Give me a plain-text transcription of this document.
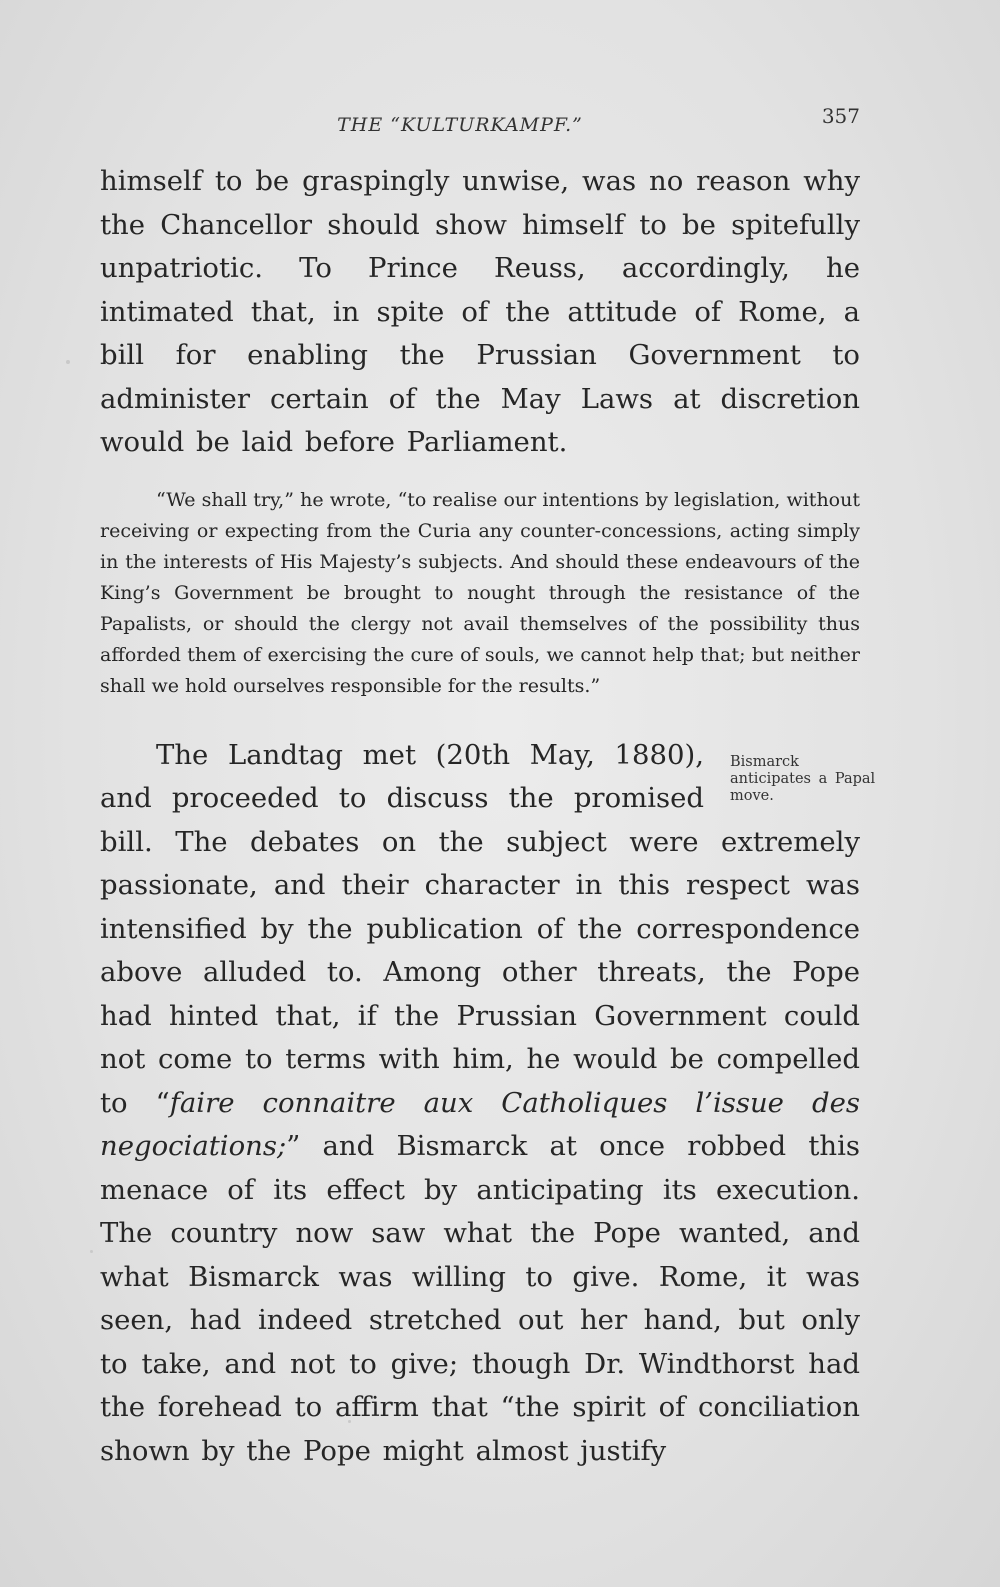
THE “KULTURKAMPF.”	357

himself to be graspingly unwise, was no reason why the Chancellor should show himself to be spitefully unpatriotic. To Prince Reuss, accordingly, he intimated that, in spite of the attitude of Rome, a bill for enabling the Prussian Government to administer certain of the May Laws at discretion would be laid before Parliament.

“We shall try,” he wrote, “to realise our intentions by legislation, without receiving or expecting from the Curia any counter-concessions, acting simply in the interests of His Majesty’s subjects. And should these endeavours of the King’s Government be brought to nought through the resistance of the Papalists, or should the clergy not avail themselves of the possibility thus afforded them of exercising the cure of souls, we cannot help that; but neither shall we hold ourselves responsible for the results.”

Bismarck anticipates a Papal move.
The Landtag met (20th May, 1880), and proceeded to discuss the promised bill. The debates on the subject were extremely passionate, and their character in this respect was intensified by the publication of the correspondence above alluded to. Among other threats, the Pope had hinted that, if the Prussian Government could not come to terms with him, he would be compelled to “faire connaitre aux Catholiques l’issue des negociations;” and Bismarck at once robbed this menace of its effect by anticipating its execution. The country now saw what the Pope wanted, and what Bismarck was willing to give. Rome, it was seen, had indeed stretched out her hand, but only to take, and not to give; though Dr. Windthorst had the forehead to affirm that “the spirit of conciliation shown by the Pope might almost justify
